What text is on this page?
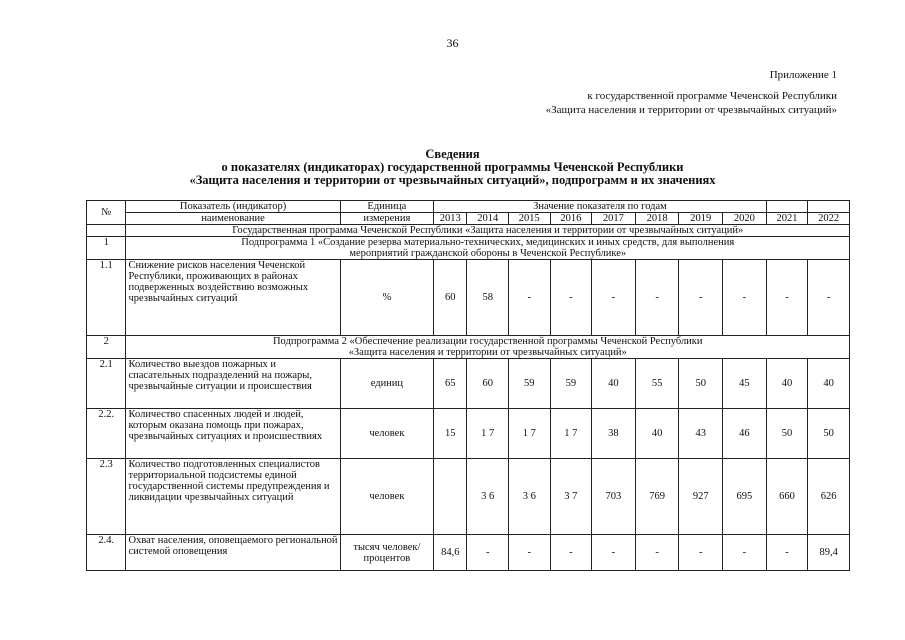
36
Приложение 1
к государственной программе Чеченской Республики
«Защита населения и территории от чрезвычайных ситуаций»
Сведения
о показателях (индикаторах) государственной программы Чеченской Республики
«Защита населения и территории от чрезвычайных ситуаций», подпрограмм и их значениях
№	Показатель (индикатор)	Единица	Значение показателя по годам									
	наименование	измерения	2013	2014	2015	2016	2017	2018	2019	2020	2021	2022
	Государственная программа Чеченской Республики «Защита населения и территории от чрезвычайных ситуаций»											
1	Подпрограмма 1 «Создание резерва материально-технических, медицинских и иных средств, для выполнения
мероприятий гражданской обороны в Чеченской Республике»											

1.1	Снижение рисков населения Чеченской Республики, проживающих в районах подверженных воздействию возможных чрезвычайных ситуаций	%	60	58	-	-	-	-	-	-	-	-
2	Подпрограмма 2 «Обеспечение реализации государственной программы Чеченской Республики
«Защита населения и территории от чрезвычайных ситуаций»											

2.1	Количество выездов пожарных и спасательных подразделений на пожары, чрезвычайные ситуации и происшествия	единиц	65	60	59	59	40	55	50	45	40	40
2.2.	Количество спасенных людей и людей, которым оказана помощь при пожарах, чрезвычайных ситуациях и происшествиях	человек	15	1 7	1 7	1 7	38	40	43	46	50	50
2.3	Количество подготовленных специалистов территориальной подсистемы единой государственной системы предупреждения и ликвидации чрезвычайных ситуаций	человек		3 6	3 6	3 7	703	769	927	695	660	626
2.4.	Охват населения, оповещаемого региональной системой оповещения	тысяч человек/ процентов	84,6	-	-	-	-	-	-	-	-	89,4
